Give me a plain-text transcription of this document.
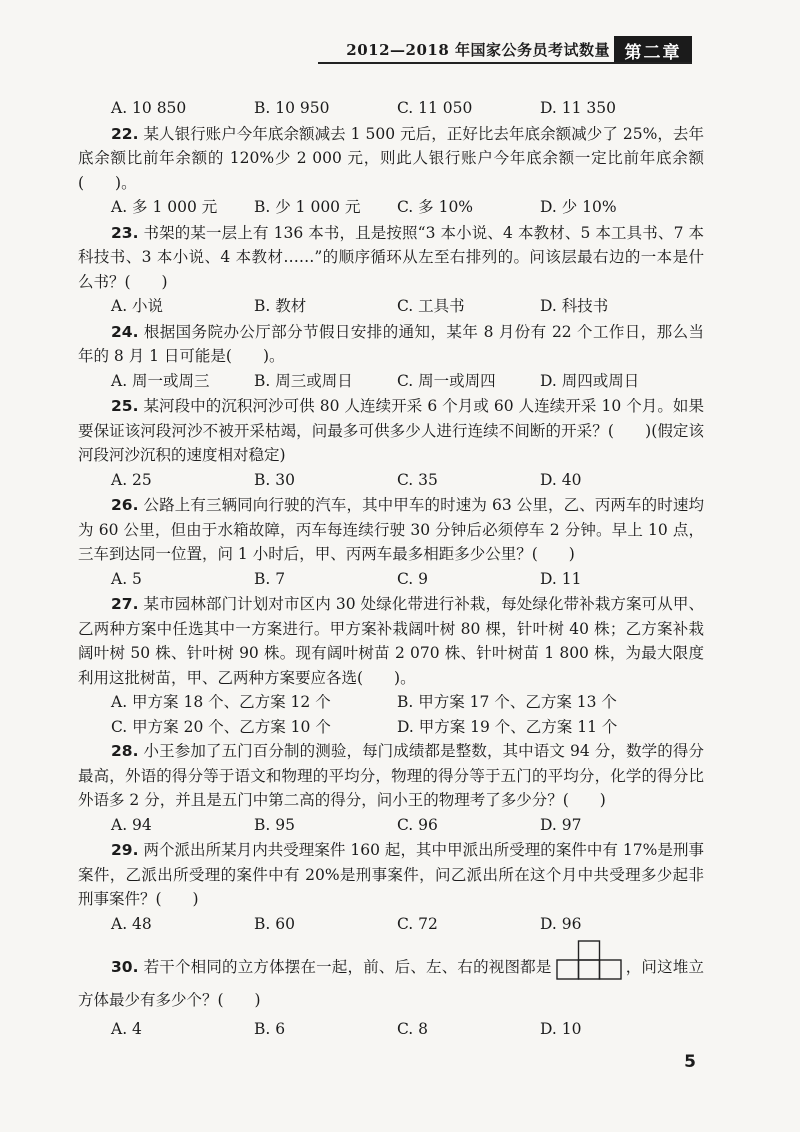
2012—2018 年国家公务员考试数量 第二章
A. 10 850	B. 10 950	C. 11 050	D. 11 350

22. 某人银行账户今年底余额减去 1 500 元后，正好比去年底余额减少了 25%，去年底余额比前年余额的 120%少 2 000 元，则此人银行账户今年底余额一定比前年底余额(　　)。

A. 多 1 000 元	B. 少 1 000 元	C. 多 10%	D. 少 10%

23. 书架的某一层上有 136 本书，且是按照“3 本小说、4 本教材、5 本工具书、7 本科技书、3 本小说、4 本教材……”的顺序循环从左至右排列的。问该层最右边的一本是什么书？(　　)

A. 小说	B. 教材	C. 工具书	D. 科技书

24. 根据国务院办公厅部分节假日安排的通知，某年 8 月份有 22 个工作日，那么当年的 8 月 1 日可能是(　　)。

A. 周一或周三	B. 周三或周日	C. 周一或周四	D. 周四或周日

25. 某河段中的沉积河沙可供 80 人连续开采 6 个月或 60 人连续开采 10 个月。如果要保证该河段河沙不被开采枯竭，问最多可供多少人进行连续不间断的开采？(　　)(假定该河段河沙沉积的速度相对稳定)

A. 25	B. 30	C. 35	D. 40

26. 公路上有三辆同向行驶的汽车，其中甲车的时速为 63 公里，乙、丙两车的时速均为 60 公里，但由于水箱故障，丙车每连续行驶 30 分钟后必须停车 2 分钟。早上 10 点，三车到达同一位置，问 1 小时后，甲、丙两车最多相距多少公里？(　　)

A. 5	B. 7	C. 9	D. 11

27. 某市园林部门计划对市区内 30 处绿化带进行补栽，每处绿化带补栽方案可从甲、乙两种方案中任选其中一方案进行。甲方案补栽阔叶树 80 棵，针叶树 40 株；乙方案补栽阔叶树 50 株、针叶树 90 株。现有阔叶树苗 2 070 株、针叶树苗 1 800 株，为最大限度利用这批树苗，甲、乙两种方案要应各选(　　)。

A. 甲方案 18 个、乙方案 12 个	B. 甲方案 17 个、乙方案 13 个
C. 甲方案 20 个、乙方案 10 个	D. 甲方案 19 个、乙方案 11 个

28. 小王参加了五门百分制的测验，每门成绩都是整数，其中语文 94 分，数学的得分最高，外语的得分等于语文和物理的平均分，物理的得分等于五门的平均分，化学的得分比外语多 2 分，并且是五门中第二高的得分，问小王的物理考了多少分？(　　)

A. 94	B. 95	C. 96	D. 97

29. 两个派出所某月内共受理案件 160 起，其中甲派出所受理的案件中有 17%是刑事案件，乙派出所受理的案件中有 20%是刑事案件，问乙派出所在这个月中共受理多少起非刑事案件？(　　)

A. 48	B. 60	C. 72	D. 96

30. 若干个相同的立方体摆在一起，前、后、左、右的视图都是	，问这堆立方体最少有多少个？(　　)

A. 4	B. 6	C. 8	D. 10
5
